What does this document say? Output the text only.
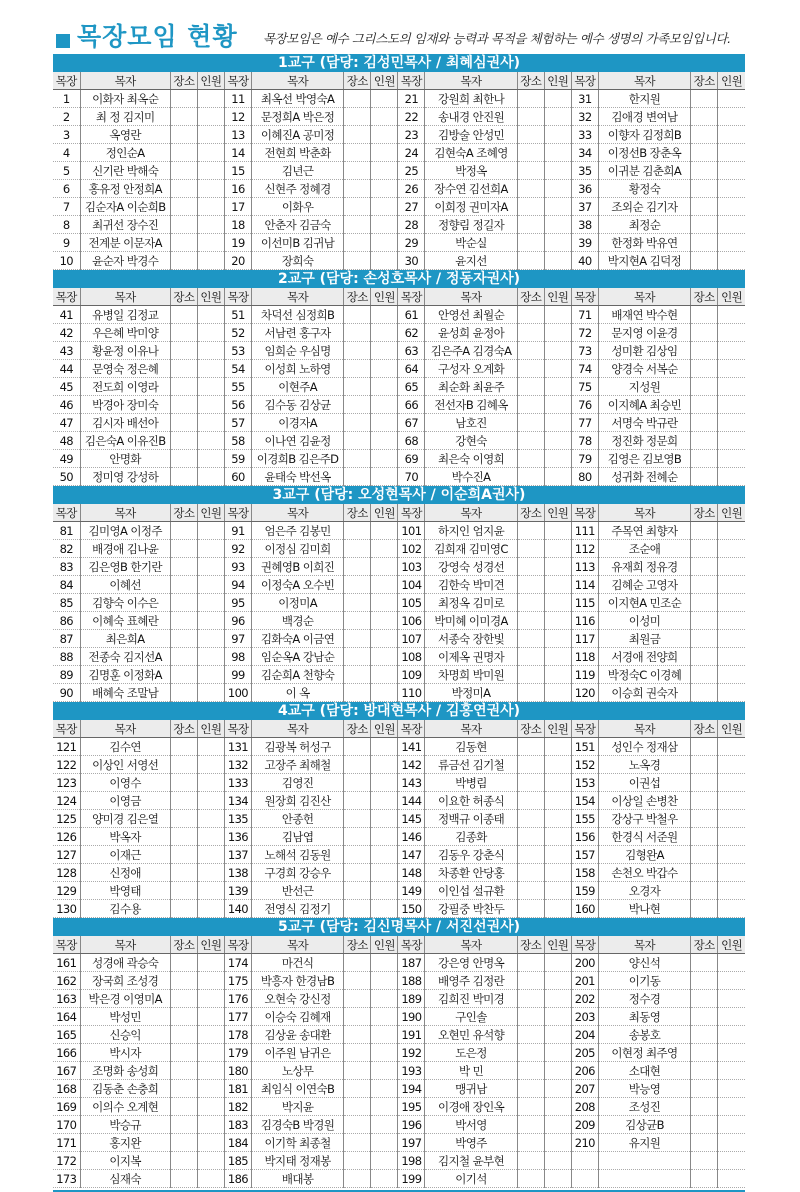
목장모임 현황 목장모임은 예수 그리스도의 임재와 능력과 목적을 체험하는 예수 생명의 가족모임입니다.
1교구 (담당: 김성민목사 / 최혜심권사)															
목장	목자	장소	인원	목장	목자	장소	인원	목장	목자	장소	인원	목장	목자	장소	인원
1	이화자 최옥순			11	최옥선 박영숙A			21	강원희 최한나			31	한지원		
2	최 정 김지미			12	문정희A 박은정			22	송내경 안진원			32	김애경 변여남		
3	옥영란			13	이혜진A 공미정			23	김방술 안성민			33	이향자 김정희B		
4	정인순A			14	전현희 박춘화			24	김현숙A 조혜영			34	이정선B 장춘옥		
5	신기란 박해숙			15	김년근			25	박정옥			35	이귀분 김춘희A		
6	홍유정 안정희A			16	신현주 정혜경			26	장수연 김선희A			36	황정숙		
7	김순자A 이순희B			17	이화우			27	이희정 권미자A			37	조외순 김기자		
8	최귀선 장수진			18	안춘자 김금숙			28	정향림 정길자			38	최정순		
9	전계분 이문자A			19	이선미B 김귀남			29	박순실			39	한정화 박유연		
10	윤순자 박경수			20	장희숙			30	윤지선			40	박지현A 김덕정		
2교구 (담당: 손성호목사 / 정동자권사)															
목장	목자	장소	인원	목장	목자	장소	인원	목장	목자	장소	인원	목장	목자	장소	인원
41	유병일 김정교			51	차덕선 심정희B			61	안영선 최월순			71	배재연 박수현		
42	우은혜 박미양			52	서남련 홍구자			62	윤성희 윤정아			72	문지영 이윤경		
43	황윤정 이유나			53	임희순 우심명			63	김은주A 김경숙A			73	성미환 김상임		
44	문영숙 정은혜			54	이성희 노하영			64	구성자 오계화			74	양경숙 서복순		
45	전도희 이영라			55	이현주A			65	최순화 최윤주			75	지성원		
46	박경아 장미숙			56	김수동 김상균			66	전선자B 김혜옥			76	이지혜A 최승빈		
47	김시자 배선아			57	이경자A			67	남호진			77	서명숙 박규란		
48	김은숙A 이유진B			58	이나연 김윤정			68	강현숙			78	정진화 정문희		
49	안명화			59	이경희B 김은주D			69	최은숙 이영희			79	김영은 김보영B		
50	정미영 강성하			60	윤태숙 박선옥			70	박수진A			80	성귀화 전혜순		
3교구 (담당: 오성현목사 / 이순희A권사)															
목장	목자	장소	인원	목장	목자	장소	인원	목장	목자	장소	인원	목장	목자	장소	인원
81	김미영A 이정주			91	엄은주 김봉민			101	하지인 엄지윤			111	주목연 최향자		
82	배경애 김나윤			92	이정심 김미희			102	김희재 김미영C			112	조순애		
83	김은영B 한기란			93	권혜영B 이희진			103	강영숙 성경선			113	유재희 정유경		
84	이혜선			94	이정숙A 오수빈			104	김한숙 박미견			114	김혜순 고영자		
85	김향숙 이수은			95	이정미A			105	최정옥 김미로			115	이지현A 민조순		
86	이혜숙 표혜란			96	백경순			106	박미혜 이미경A			116	이성미		
87	최은희A			97	김화숙A 이금연			107	서종숙 장한빛			117	최원금		
88	전종숙 김지선A			98	임순옥A 강남순			108	이제옥 권명자			118	서경애 전양희		
89	김명훈 이정화A			99	김순희A 천향숙			109	차명희 박미원			119	박정숙C 이경혜		
90	배혜숙 조말남			100	이 옥			110	박정미A			120	이승희 권숙자		
4교구 (담당: 방대현목사 / 김홍연권사)															
목장	목자	장소	인원	목장	목자	장소	인원	목장	목자	장소	인원	목장	목자	장소	인원
121	김수연			131	김광복 허성구			141	김동현			151	성인수 정재삼		
122	이상인 서영선			132	고장주 최해철			142	류금선 김기철			152	노옥경		
123	이영수			133	김영진			143	박병림			153	이권섭		
124	이영금			134	원장희 김진산			144	이요한 허종식			154	이상일 손병찬		
125	양미경 김은열			135	안종헌			145	정백규 이종태			155	강상구 박철우		
126	박옥자			136	김남엽			146	김종화			156	한경식 서준원		
127	이재근			137	노해석 김동원			147	김동우 강춘식			157	김형완A		
128	신정애			138	구경희 강승우			148	차종환 안당홍			158	손천오 박갑수		
129	박영태			139	반선근			149	이인섭 설규환			159	오경자		
130	김수용			140	전영식 김정기			150	강필중 박찬두			160	박나현		
5교구 (담당: 김신명목사 / 서진선권사)															
목장	목자	장소	인원	목장	목자	장소	인원	목장	목자	장소	인원	목장	목자	장소	인원
161	성경애 곽승숙			174	마건식			187	강은영 안명옥			200	양신석		
162	장국희 조성경			175	박흥자 한경남B			188	배영주 김정란			201	이기동		
163	박은경 이영미A			176	오현숙 강신정			189	김희진 박미경			202	정수경		
164	박성민			177	이승숙 김혜재			190	구인솔			203	최동영		
165	신승익			178	김상윤 송대환			191	오현민 유석향			204	송봉호		
166	박시자			179	이주원 남귀은			192	도은정			205	이현정 최주영		
167	조명화 송성희			180	노상무			193	박 민			206	소대현		
168	김동춘 손충희			181	최임식 이연숙B			194	맹귀남			207	박능영		
169	이의수 오계현			182	박지윤			195	이경애 장인옥			208	조성진		
170	박승규			183	김경숙B 박경원			196	박서영			209	김상균B		
171	홍지완			184	이기학 최종철			197	박영주			210	유지원		
172	이지복			185	박지태 정재봉			198	김지철 윤부현						
173	심재숙			186	배대봉			199	이기석						
